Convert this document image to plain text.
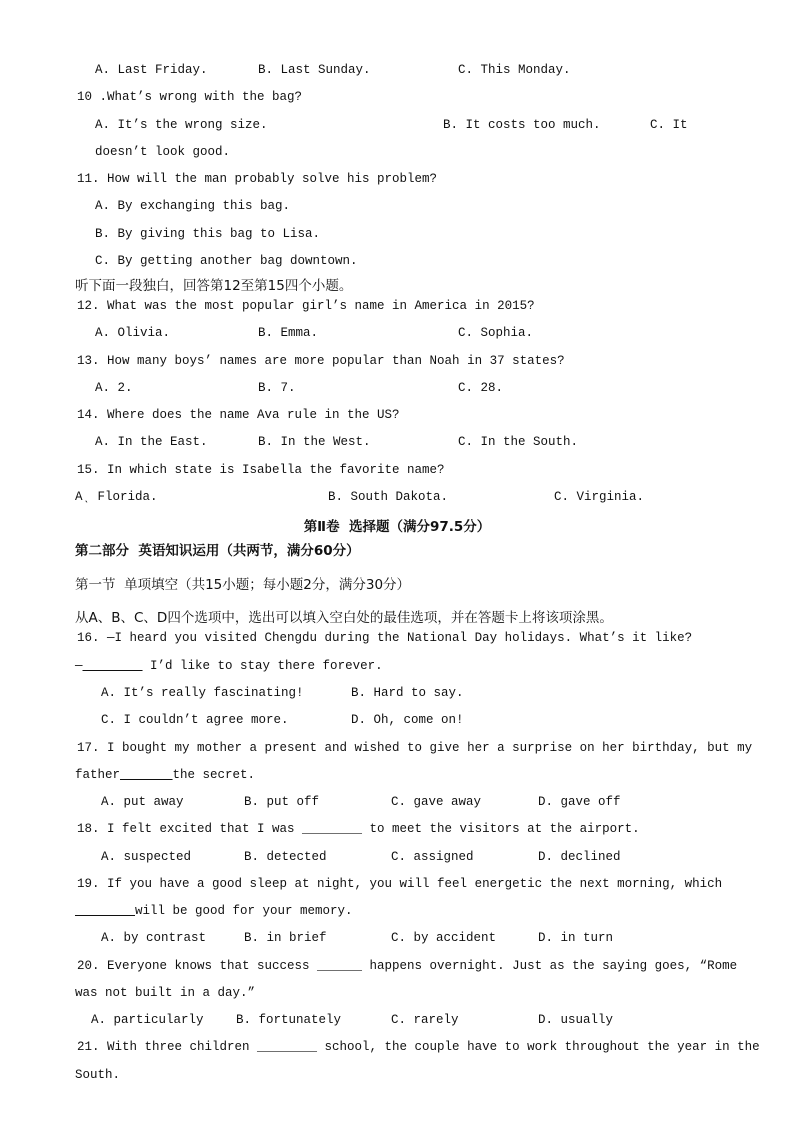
A. Last Friday.	B. Last Sunday.	C. This Monday.
10 .What’s wrong with the bag?
A. It’s the wrong size.	B. It costs too much.	C. It
doesn’t look good.
11. How will the man probably solve his problem?
A. By exchanging this bag.
B. By giving this bag to Lisa.
C. By getting another bag downtown.
听下面一段独白，回答第12至第15四个小题。
12. What was the most popular girl’s name in America in 2015?
A. Olivia.	B. Emma.	C. Sophia.
13. How many boys’ names are more popular than Noah in 37 states?
A. 2.	B. 7.	C. 28.
14. Where does the name Ava rule in the US?
A. In the East.	B. In the West.	C. In the South.
15. In which state is Isabella the favorite name?
Aˎ Florida.	B. South Dakota.	C. Virginia.
第Ⅱ卷  选择题（满分97.5分）
第二部分  英语知识运用（共两节，满分60分）
第一节  单项填空（共15小题；每小题2分，满分30分）
从A、B、C、D四个选项中，选出可以填入空白处的最佳选项，并在答题卡上将该项涂黑。
16. —I heard you visited Chengdu during the National Day holidays. What’s it like?
—________ I’d like to stay there forever.
A. It’s really fascinating!	B. Hard to say.
C. I couldn’t agree more.	D. Oh, come on!
17. I bought my mother a present and wished to give her a surprise on her birthday, but my
father_______the secret.
A. put away	B. put off	C. gave away	D. gave off
18. I felt excited that I was ________ to meet the visitors at the airport.
A. suspected	B. detected	C. assigned	D. declined
19. If you have a good sleep at night, you will feel energetic the next morning, which
________will be good for your memory.
A. by contrast	B. in brief	C. by accident	D. in turn
20. Everyone knows that success ______ happens overnight. Just as the saying goes, “Rome
was not built in a day.”
A. particularly	B. fortunately	C. rarely	D. usually
21. With three children ________ school, the couple have to work throughout the year in the
South.
